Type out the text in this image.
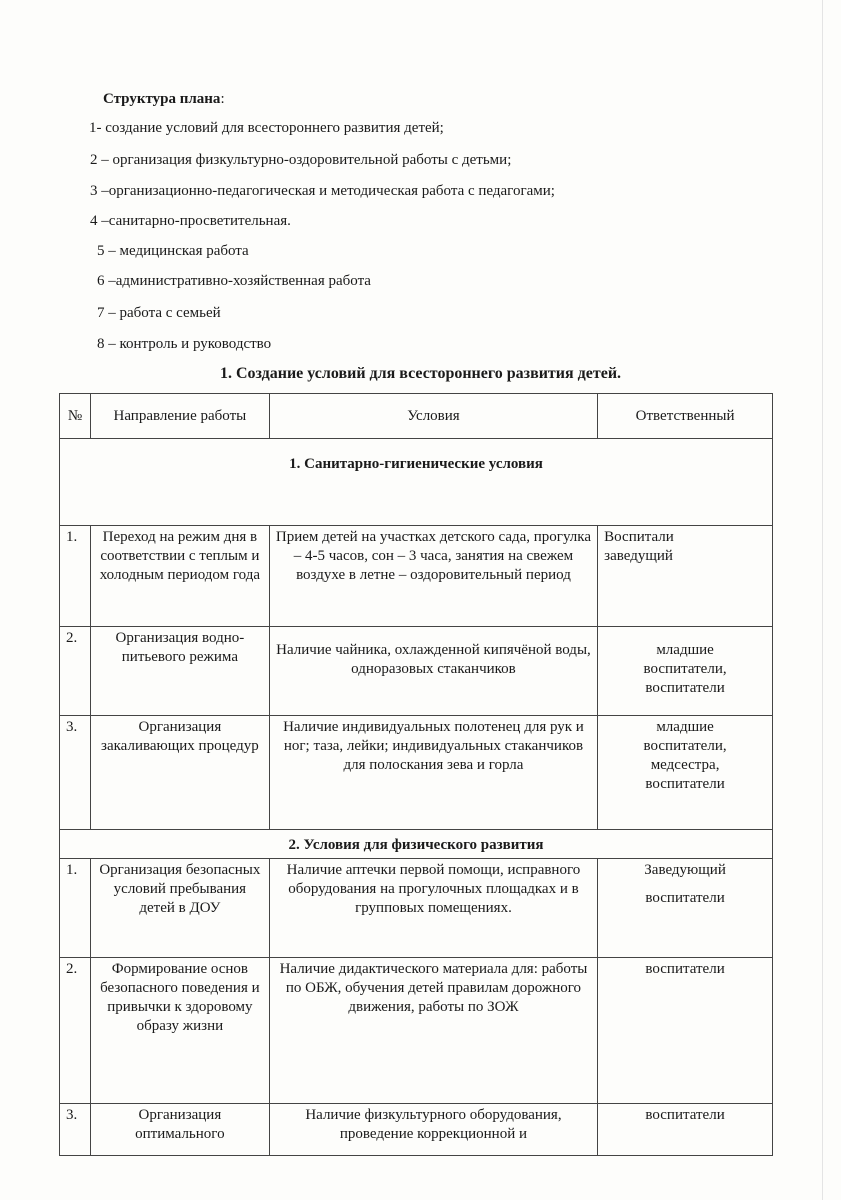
Структура плана:
1- создание условий для всестороннего развития детей;
2 – организация физкультурно-оздоровительной работы с детьми;
3 –организационно-педагогическая и методическая работа с педагогами;
4 –санитарно-просветительная.
5 – медицинская работа
6 –административно-хозяйственная работа
7 – работа с семьей
8 – контроль и руководство
1. Создание условий для всестороннего развития детей.
№	Направление работы	Условия	Ответственный
1. Санитарно-гигиенические условия			
1.	Переход на режим дня в соответствии с теплым и холодным периодом года	Прием детей на участках детского сада, прогулка – 4-5 часов, сон – 3 часа, занятия на свежем воздухе в летне – оздоровительный период	Воспитали
заведущий

2.	Организация водно-питьевого режима	Наличие чайника, охлажденной кипячёной воды, одноразовых стаканчиков	младшие
воспитатели,
воспитатели

3.	Организация закаливающих процедур	Наличие индивидуальных полотенец для рук и ног; таза, лейки; индивидуальных стаканчиков для полоскания зева и горла	младшие
воспитатели,
медсестра,
воспитатели

2. Условия для физического развития			
1.	Организация безопасных условий пребывания детей в ДОУ	Наличие аптечки первой помощи, исправного оборудования на прогулочных площадках и в групповых помещениях.	Заведующий
воспитатели

2.	Формирование основ безопасного поведения и привычки к здоровому образу жизни	Наличие дидактического материала для: работы по ОБЖ, обучения детей правилам дорожного движения, работы по ЗОЖ	воспитатели

3.	Организация оптимального	Наличие физкультурного оборудования, проведение коррекционной и	воспитатели
